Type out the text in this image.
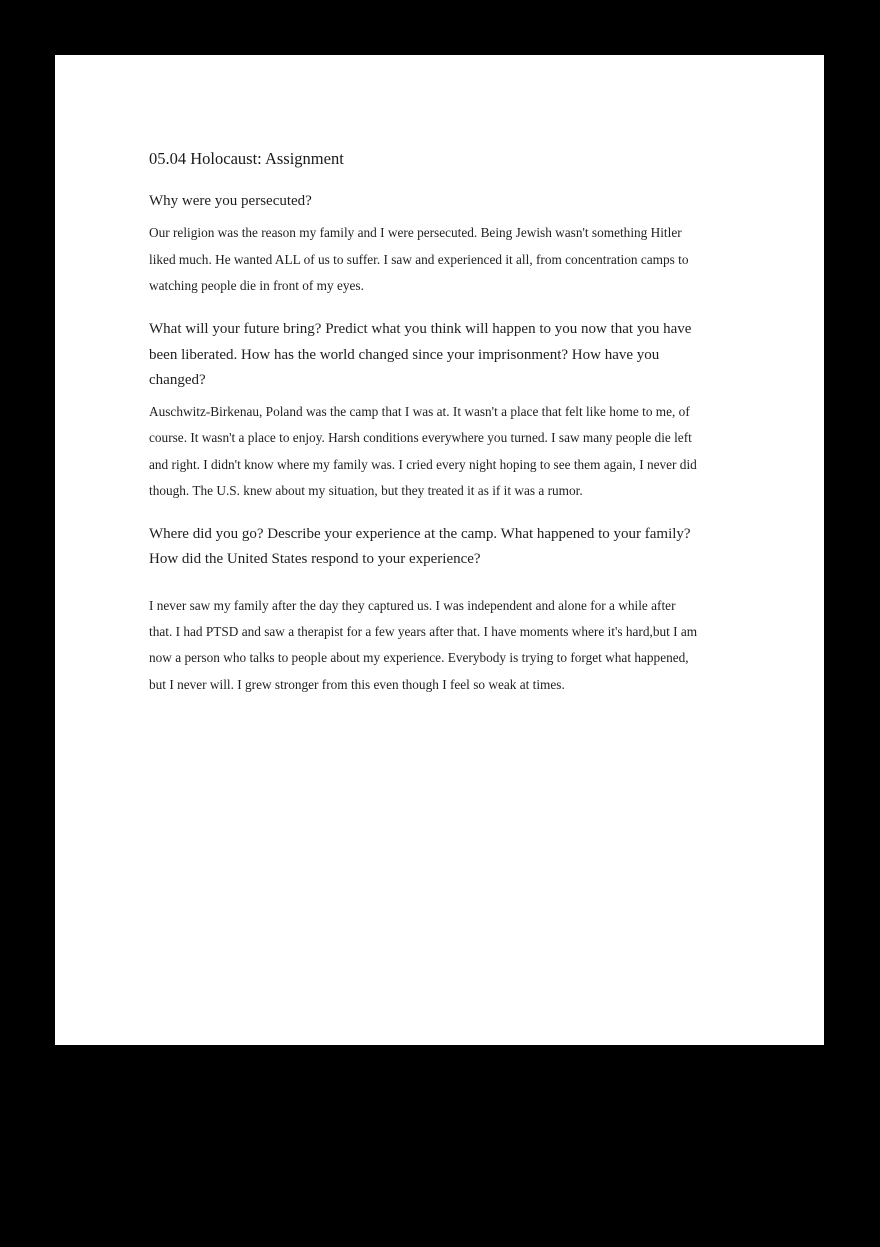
05.04 Holocaust: Assignment

Why were you persecuted?

Our religion was the reason my family and I were persecuted. Being Jewish wasn't something Hitler liked much. He wanted ALL of us to suffer. I saw and experienced it all, from concentration camps to watching people die in front of my eyes.

What will your future bring? Predict what you think will happen to you now that you have been liberated. How has the world changed since your imprisonment? How have you changed?

Auschwitz-Birkenau, Poland was the camp that I was at. It wasn't a place that felt like home to me, of course. It wasn't a place to enjoy. Harsh conditions everywhere you turned. I saw many people die left and right. I didn't know where my family was. I cried every night hoping to see them again, I never did though. The U.S. knew about my situation, but they treated it as if it was a rumor.

Where did you go? Describe your experience at the camp. What happened to your family? How did the United States respond to your experience?

I never saw my family after the day they captured us. I was independent and alone for a while after that. I had PTSD and saw a therapist for a few years after that. I have moments where it's hard,but I am now a person who talks to people about my experience. Everybody is trying to forget what happened, but I never will. I grew stronger from this even though I feel so weak at times.
